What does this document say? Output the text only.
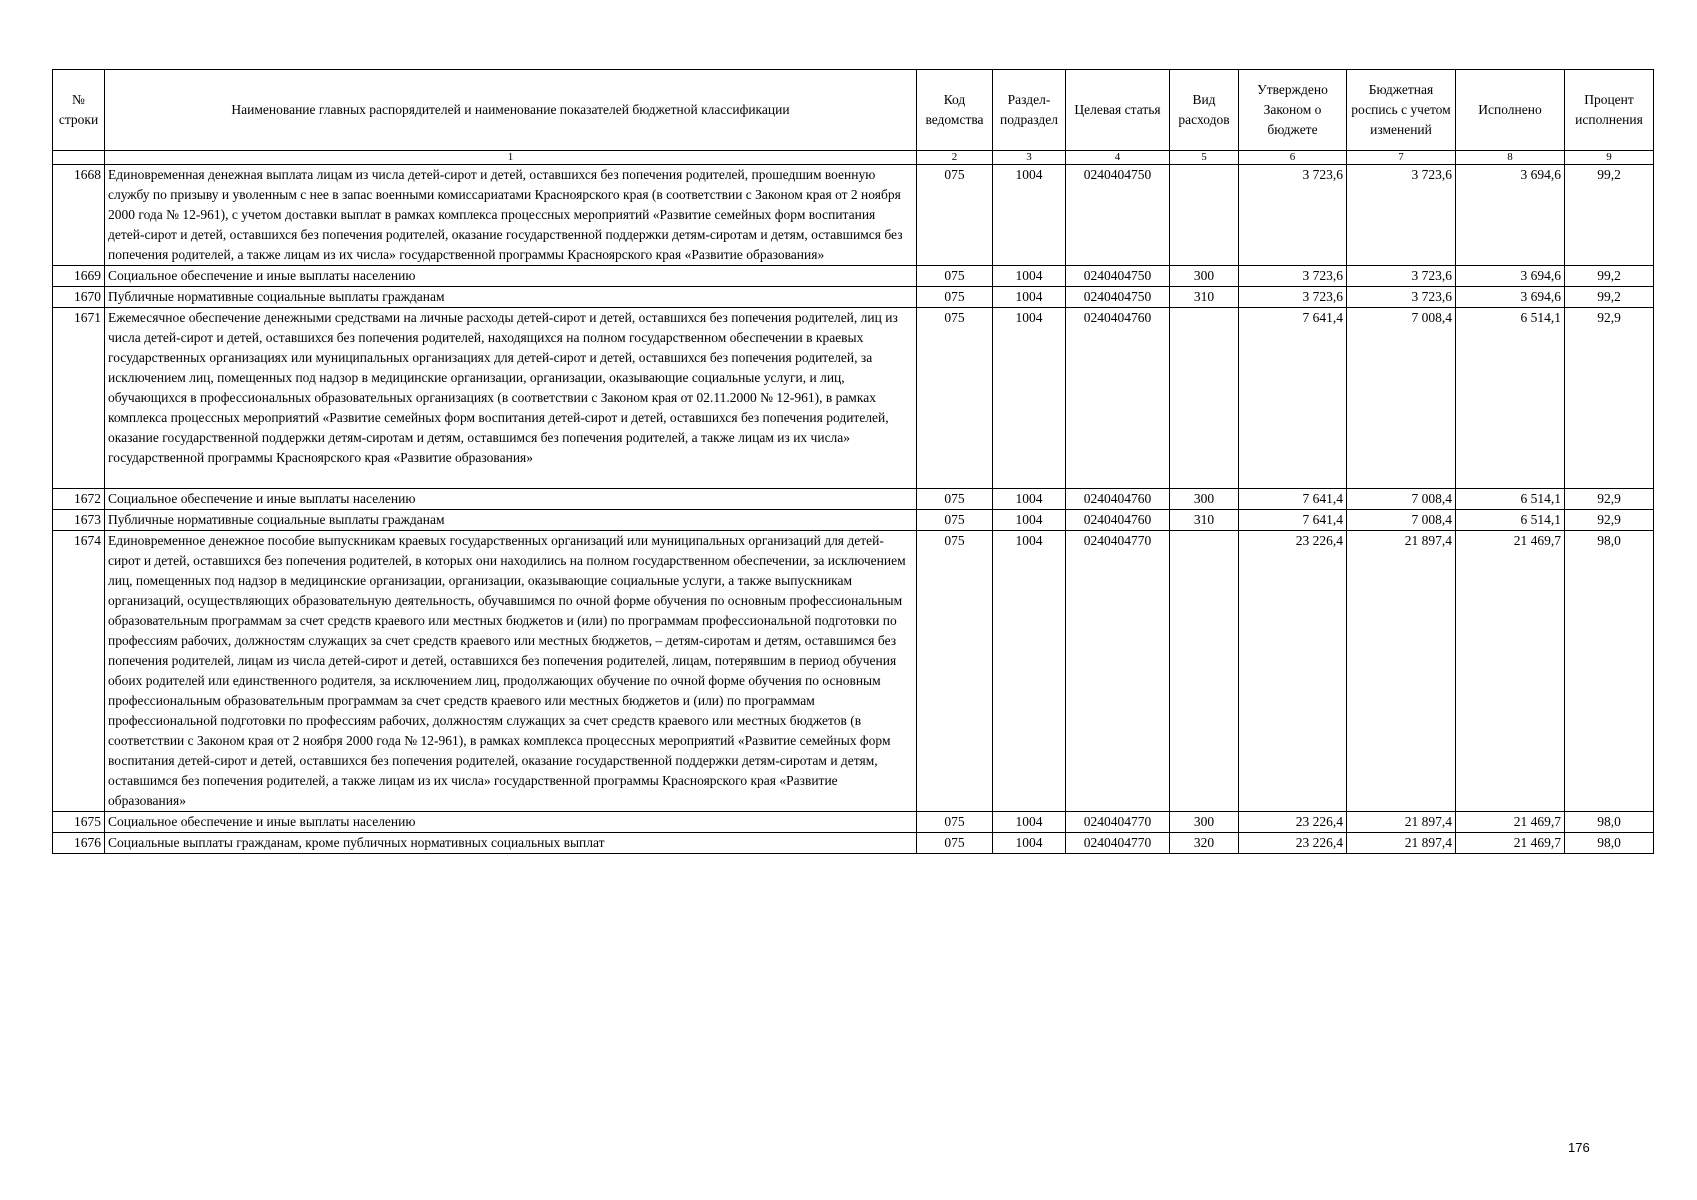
№ строки	Наименование главных распорядителей и наименование показателей бюджетной классификации	Код ведомства	Раздел-подраздел	Целевая статья	Вид расходов	Утверждено Законом о бюджете	Бюджетная роспись с учетом изменений	Исполнено	Процент исполнения
	1	2	3	4	5	6	7	8	9
1668	Единовременная денежная выплата лицам из числа детей-сирот и детей, оставшихся без попечения родителей, прошедшим военную службу по призыву и уволенным с нее в запас военными комиссариатами Красноярского края (в соответствии с Законом края от 2 ноября 2000 года № 12-961), с учетом доставки выплат в рамках комплекса процессных мероприятий «Развитие семейных форм воспитания детей-сирот и детей, оставшихся без попечения родителей, оказание государственной поддержки детям-сиротам и детям, оставшимся без попечения родителей, а также лицам из их числа» государственной программы Красноярского края «Развитие образования»	075	1004	0240404750		3 723,6	3 723,6	3 694,6	99,2
1669	Социальное обеспечение и иные выплаты населению	075	1004	0240404750	300	3 723,6	3 723,6	3 694,6	99,2
1670	Публичные нормативные социальные выплаты гражданам	075	1004	0240404750	310	3 723,6	3 723,6	3 694,6	99,2
1671	Ежемесячное обеспечение денежными средствами на личные расходы детей-сирот и детей, оставшихся без попечения родителей, лиц из числа детей-сирот и детей, оставшихся без попечения родителей, находящихся на полном государственном обеспечении в краевых государственных организациях или муниципальных организациях для детей-сирот и детей, оставшихся без попечения родителей, за исключением лиц, помещенных под надзор в медицинские организации, организации, оказывающие социальные услуги, и лиц, обучающихся в профессиональных образовательных организациях (в соответствии с Законом края от 02.11.2000 № 12-961), в рамках комплекса процессных мероприятий «Развитие семейных форм воспитания детей-сирот и детей, оставшихся без попечения родителей, оказание государственной поддержки детям-сиротам и детям, оставшимся без попечения родителей, а также лицам из их числа» государственной программы Красноярского края «Развитие образования»	075	1004	0240404760		7 641,4	7 008,4	6 514,1	92,9
1672	Социальное обеспечение и иные выплаты населению	075	1004	0240404760	300	7 641,4	7 008,4	6 514,1	92,9
1673	Публичные нормативные социальные выплаты гражданам	075	1004	0240404760	310	7 641,4	7 008,4	6 514,1	92,9
1674	Единовременное денежное пособие выпускникам краевых государственных организаций или муниципальных организаций для детей-сирот и детей, оставшихся без попечения родителей, в которых они находились на полном государственном обеспечении, за исключением лиц, помещенных под надзор в медицинские организации, организации, оказывающие социальные услуги, а также выпускникам организаций, осуществляющих образовательную деятельность, обучавшимся по очной форме обучения по основным профессиональным образовательным программам за счет средств краевого или местных бюджетов и (или) по программам профессиональной подготовки по профессиям рабочих, должностям служащих за счет средств краевого или местных бюджетов, – детям-сиротам и детям, оставшимся без попечения родителей, лицам из числа детей-сирот и детей, оставшихся без попечения родителей, лицам, потерявшим в период обучения обоих родителей или единственного родителя, за исключением лиц, продолжающих обучение по очной форме обучения по основным профессиональным образовательным программам за счет средств краевого или местных бюджетов и (или) по программам профессиональной подготовки по профессиям рабочих, должностям служащих за счет средств краевого или местных бюджетов (в соответствии с Законом края от 2 ноября 2000 года № 12-961), в рамках комплекса процессных мероприятий «Развитие семейных форм воспитания детей-сирот и детей, оставшихся без попечения родителей, оказание государственной поддержки детям-сиротам и детям, оставшимся без попечения родителей, а также лицам из их числа» государственной программы Красноярского края «Развитие образования»	075	1004	0240404770		23 226,4	21 897,4	21 469,7	98,0
1675	Социальное обеспечение и иные выплаты населению	075	1004	0240404770	300	23 226,4	21 897,4	21 469,7	98,0
1676	Социальные выплаты гражданам, кроме публичных нормативных социальных выплат	075	1004	0240404770	320	23 226,4	21 897,4	21 469,7	98,0
176
